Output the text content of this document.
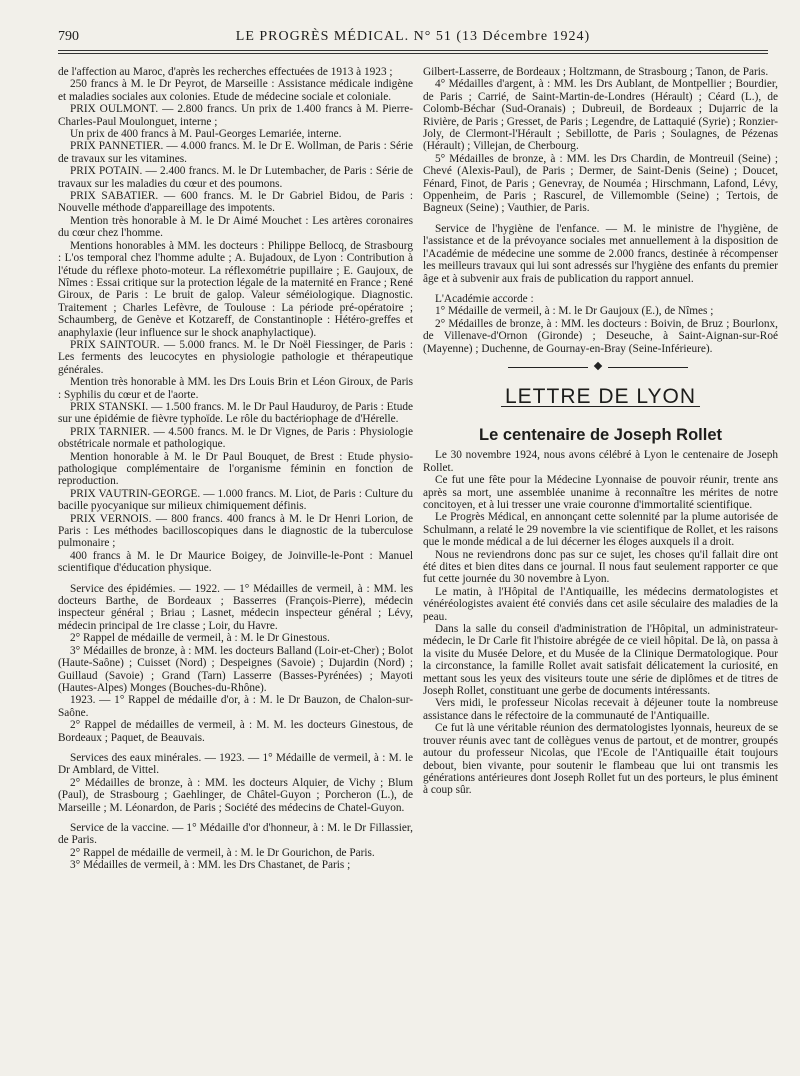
790	LE PROGRÈS MÉDICAL. N° 51 (13 Décembre 1924)

de l'affection au Maroc, d'après les recherches effectuées de 1913 à 1923 ;

250 francs à M. le Dr Peyrot, de Marseille : Assistance médicale indigène et maladies sociales aux colonies. Etude de médecine sociale et coloniale.

PRIX OULMONT. — 2.800 francs. Un prix de 1.400 francs à M. Pierre-Charles-Paul Moulonguet, interne ;

Un prix de 400 francs à M. Paul-Georges Lemariée, interne.

PRIX PANNETIER. — 4.000 francs. M. le Dr E. Wollman, de Paris : Série de travaux sur les vitamines.

PRIX POTAIN. — 2.400 francs. M. le Dr Lutembacher, de Paris : Série de travaux sur les maladies du cœur et des poumons.

PRIX SABATIER. — 600 francs. M. le Dr Gabriel Bidou, de Paris : Nouvelle méthode d'appareillage des impotents.

Mention très honorable à M. le Dr Aimé Mouchet : Les artères coronaires du cœur chez l'homme.

Mentions honorables à MM. les docteurs : Philippe Bellocq, de Strasbourg : L'os temporal chez l'homme adulte ; A. Bujadoux, de Lyon : Contribution à l'étude du réflexe photo-moteur. La réflexométrie pupillaire ; E. Gaujoux, de Nîmes : Essai critique sur la protection légale de la maternité en France ; René Giroux, de Paris : Le bruit de galop. Valeur séméiologique. Diagnostic. Traitement ; Charles Lefèvre, de Toulouse : La période pré-opératoire ; Schaumberg, de Genève et Kotzareff, de Constantinople : Hétéro-greffes et anaphylaxie (leur influence sur le shock anaphylactique).

PRIX SAINTOUR. — 5.000 francs. M. le Dr Noël Fiessinger, de Paris : Les ferments des leucocytes en physiologie pathologie et thérapeutique générales.

Mention très honorable à MM. les Drs Louis Brin et Léon Giroux, de Paris : Syphilis du cœur et de l'aorte.

PRIX STANSKI. — 1.500 francs. M. le Dr Paul Hauduroy, de Paris : Etude sur une épidémie de fièvre typhoïde. Le rôle du bactériophage de d'Hérelle.

PRIX TARNIER. — 4.500 francs. M. le Dr Vignes, de Paris : Physiologie obstétricale normale et pathologique.

Mention honorable à M. le Dr Paul Bouquet, de Brest : Etude physio-pathologique complémentaire de l'organisme féminin en fonction de reproduction.

PRIX VAUTRIN-GEORGE. — 1.000 francs. M. Liot, de Paris : Culture du bacille pyocyanique sur milieux chimiquement définis.

PRIX VERNOIS. — 800 francs. 400 francs à M. le Dr Henri Lorion, de Paris : Les méthodes bacilloscopiques dans le diagnostic de la tuberculose pulmonaire ;

400 francs à M. le Dr Maurice Boigey, de Joinville-le-Pont : Manuel scientifique d'éducation physique.

Service des épidémies. — 1922. — 1° Médailles de vermeil, à : MM. les docteurs Barthe, de Bordeaux ; Basserres (François-Pierre), médecin inspecteur général ; Briau ; Lasnet, médecin inspecteur général ; Lévy, médecin principal de 1re classe ; Loir, du Havre.

2° Rappel de médaille de vermeil, à : M. le Dr Ginestous.

3° Médailles de bronze, à : MM. les docteurs Balland (Loir-et-Cher) ; Bolot (Haute-Saône) ; Cuisset (Nord) ; Despeignes (Savoie) ; Dujardin (Nord) ; Guillaud (Savoie) ; Grand (Tarn) Lasserre (Basses-Pyrénées) ; Mayoti (Hautes-Alpes) Monges (Bouches-du-Rhône).

1923. — 1° Rappel de médaille d'or, à : M. le Dr Bauzon, de Chalon-sur-Saône.

2° Rappel de médailles de vermeil, à : M. M. les docteurs Ginestous, de Bordeaux ; Paquet, de Beauvais.

Services des eaux minérales. — 1923. — 1° Médaille de vermeil, à : M. le Dr Amblard, de Vittel.

2° Médailles de bronze, à : MM. les docteurs Alquier, de Vichy ; Blum (Paul), de Strasbourg ; Gaehlinger, de Châtel-Guyon ; Porcheron (L.), de Marseille ; M. Léonardon, de Paris ; Société des médecins de Chatel-Guyon.

Service de la vaccine. — 1° Médaille d'or d'honneur, à : M. le Dr Fillassier, de Paris.

2° Rappel de médaille de vermeil, à : M. le Dr Gourichon, de Paris.

3° Médailles de vermeil, à : MM. les Drs Chastanet, de Paris ;

Gilbert-Lasserre, de Bordeaux ; Holtzmann, de Strasbourg ; Tanon, de Paris.

4° Médailles d'argent, à : MM. les Drs Aublant, de Montpellier ; Bourdier, de Paris ; Carrié, de Saint-Martin-de-Londres (Hérault) ; Céard (L.), de Colomb-Béchar (Sud-Oranais) ; Dubreuil, de Bordeaux ; Dujarric de la Rivière, de Paris ; Gresset, de Paris ; Legendre, de Lattaquié (Syrie) ; Ronzier-Joly, de Clermont-l'Hérault ; Sebillotte, de Paris ; Soulagnes, de Pézenas (Hérault) ; Villejan, de Cherbourg.

5° Médailles de bronze, à : MM. les Drs Chardin, de Montreuil (Seine) ; Chevé (Alexis-Paul), de Paris ; Dermer, de Saint-Denis (Seine) ; Doucet, Fénard, Finot, de Paris ; Genevray, de Nouméa ; Hirschmann, Lafond, Lévy, Oppenheim, de Paris ; Rascurel, de Villemomble (Seine) ; Tertois, de Bagneux (Seine) ; Vauthier, de Paris.

Service de l'hygiène de l'enfance. — M. le ministre de l'hygiène, de l'assistance et de la prévoyance sociales met annuellement à la disposition de l'Académie de médecine une somme de 2.000 francs, destinée à récompenser les meilleurs travaux qui lui sont adressés sur l'hygiène des enfants du premier âge et à subvenir aux frais de publication du rapport annuel.

L'Académie accorde :

1° Médaille de vermeil, à : M. le Dr Gaujoux (E.), de Nîmes ;

2° Médailles de bronze, à : MM. les docteurs : Boivin, de Bruz ; Bourlonx, de Villenave-d'Ornon (Gironde) ; Deseuche, à Saint-Aignan-sur-Roé (Mayenne) ; Duchenne, de Gournay-en-Bray (Seine-Inférieure).

LETTRE DE LYON
Le centenaire de Joseph Rollet

Le 30 novembre 1924, nous avons célébré à Lyon le centenaire de Joseph Rollet.

Ce fut une fête pour la Médecine Lyonnaise de pouvoir réunir, trente ans après sa mort, une assemblée unanime à reconnaître les mérites de notre concitoyen, et à lui tresser une vraie couronne d'immortalité scientifique.

Le Progrès Médical, en annonçant cette solennité par la plume autorisée de Schulmann, a relaté le 29 novembre la vie scientifique de Rollet, et les raisons que le monde médical a de lui décerner les éloges auxquels il a droit.

Nous ne reviendrons donc pas sur ce sujet, les choses qu'il fallait dire ont été dites et bien dites dans ce journal. Il nous faut seulement rapporter ce que fut cette journée du 30 novembre à Lyon.

Le matin, à l'Hôpital de l'Antiquaille, les médecins dermatologistes et vénéréologistes avaient été conviés dans cet asile séculaire des maladies de la peau.

Dans la salle du conseil d'administration de l'Hôpital, un administrateur-médecin, le Dr Carle fit l'histoire abrégée de ce vieil hôpital. De là, on passa à la visite du Musée Delore, et du Musée de la Clinique Dermatologique. Pour la circonstance, la famille Rollet avait satisfait délicatement la curiosité, en mettant sous les yeux des visiteurs toute une série de diplômes et de titres de Joseph Rollet, constituant une gerbe de documents intéressants.

Vers midi, le professeur Nicolas recevait à déjeuner toute la nombreuse assistance dans le réfectoire de la communauté de l'Antiquaille.

Ce fut là une véritable réunion des dermatologistes lyonnais, heureux de se trouver réunis avec tant de collègues venus de partout, et de montrer, groupés autour du professeur Nicolas, que l'Ecole de l'Antiquaille était toujours debout, bien vivante, pour soutenir le flambeau que lui ont transmis les générations antérieures dont Joseph Rollet fut un des porteurs, le plus éminent à coup sûr.
